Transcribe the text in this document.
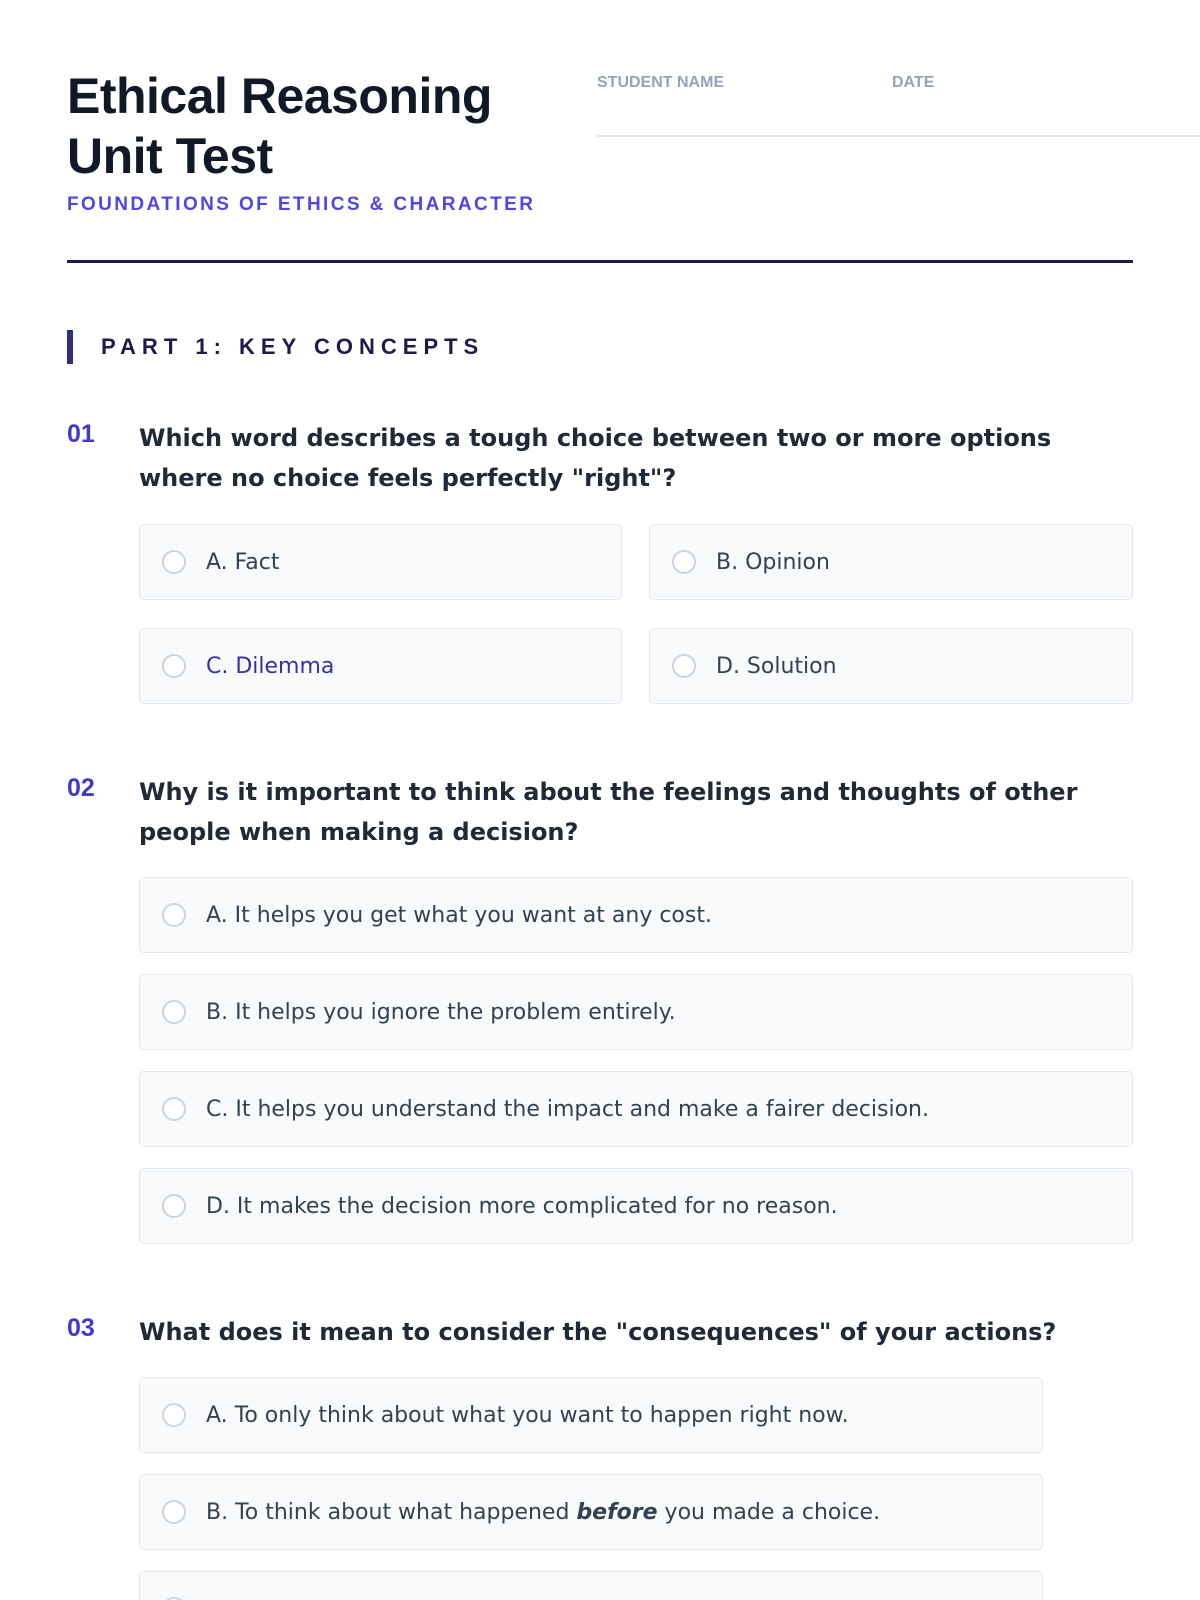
Ethical Reasoning Unit Test
FOUNDATIONS OF ETHICS & CHARACTER
STUDENT NAME	DATE
PART 1: KEY CONCEPTS
01 Which word describes a tough choice between two or more options where no choice feels perfectly "right"?
A. Fact	B. Opinion
C. Dilemma	D. Solution
02 Why is it important to think about the feelings and thoughts of other people when making a decision?
A. It helps you get what you want at any cost.
B. It helps you ignore the problem entirely.
C. It helps you understand the impact and make a fairer decision.
D. It makes the decision more complicated for no reason.
03 What does it mean to consider the "consequences" of your actions?
A. To only think about what you want to happen right now.
B. To think about what happened before you made a choice.
